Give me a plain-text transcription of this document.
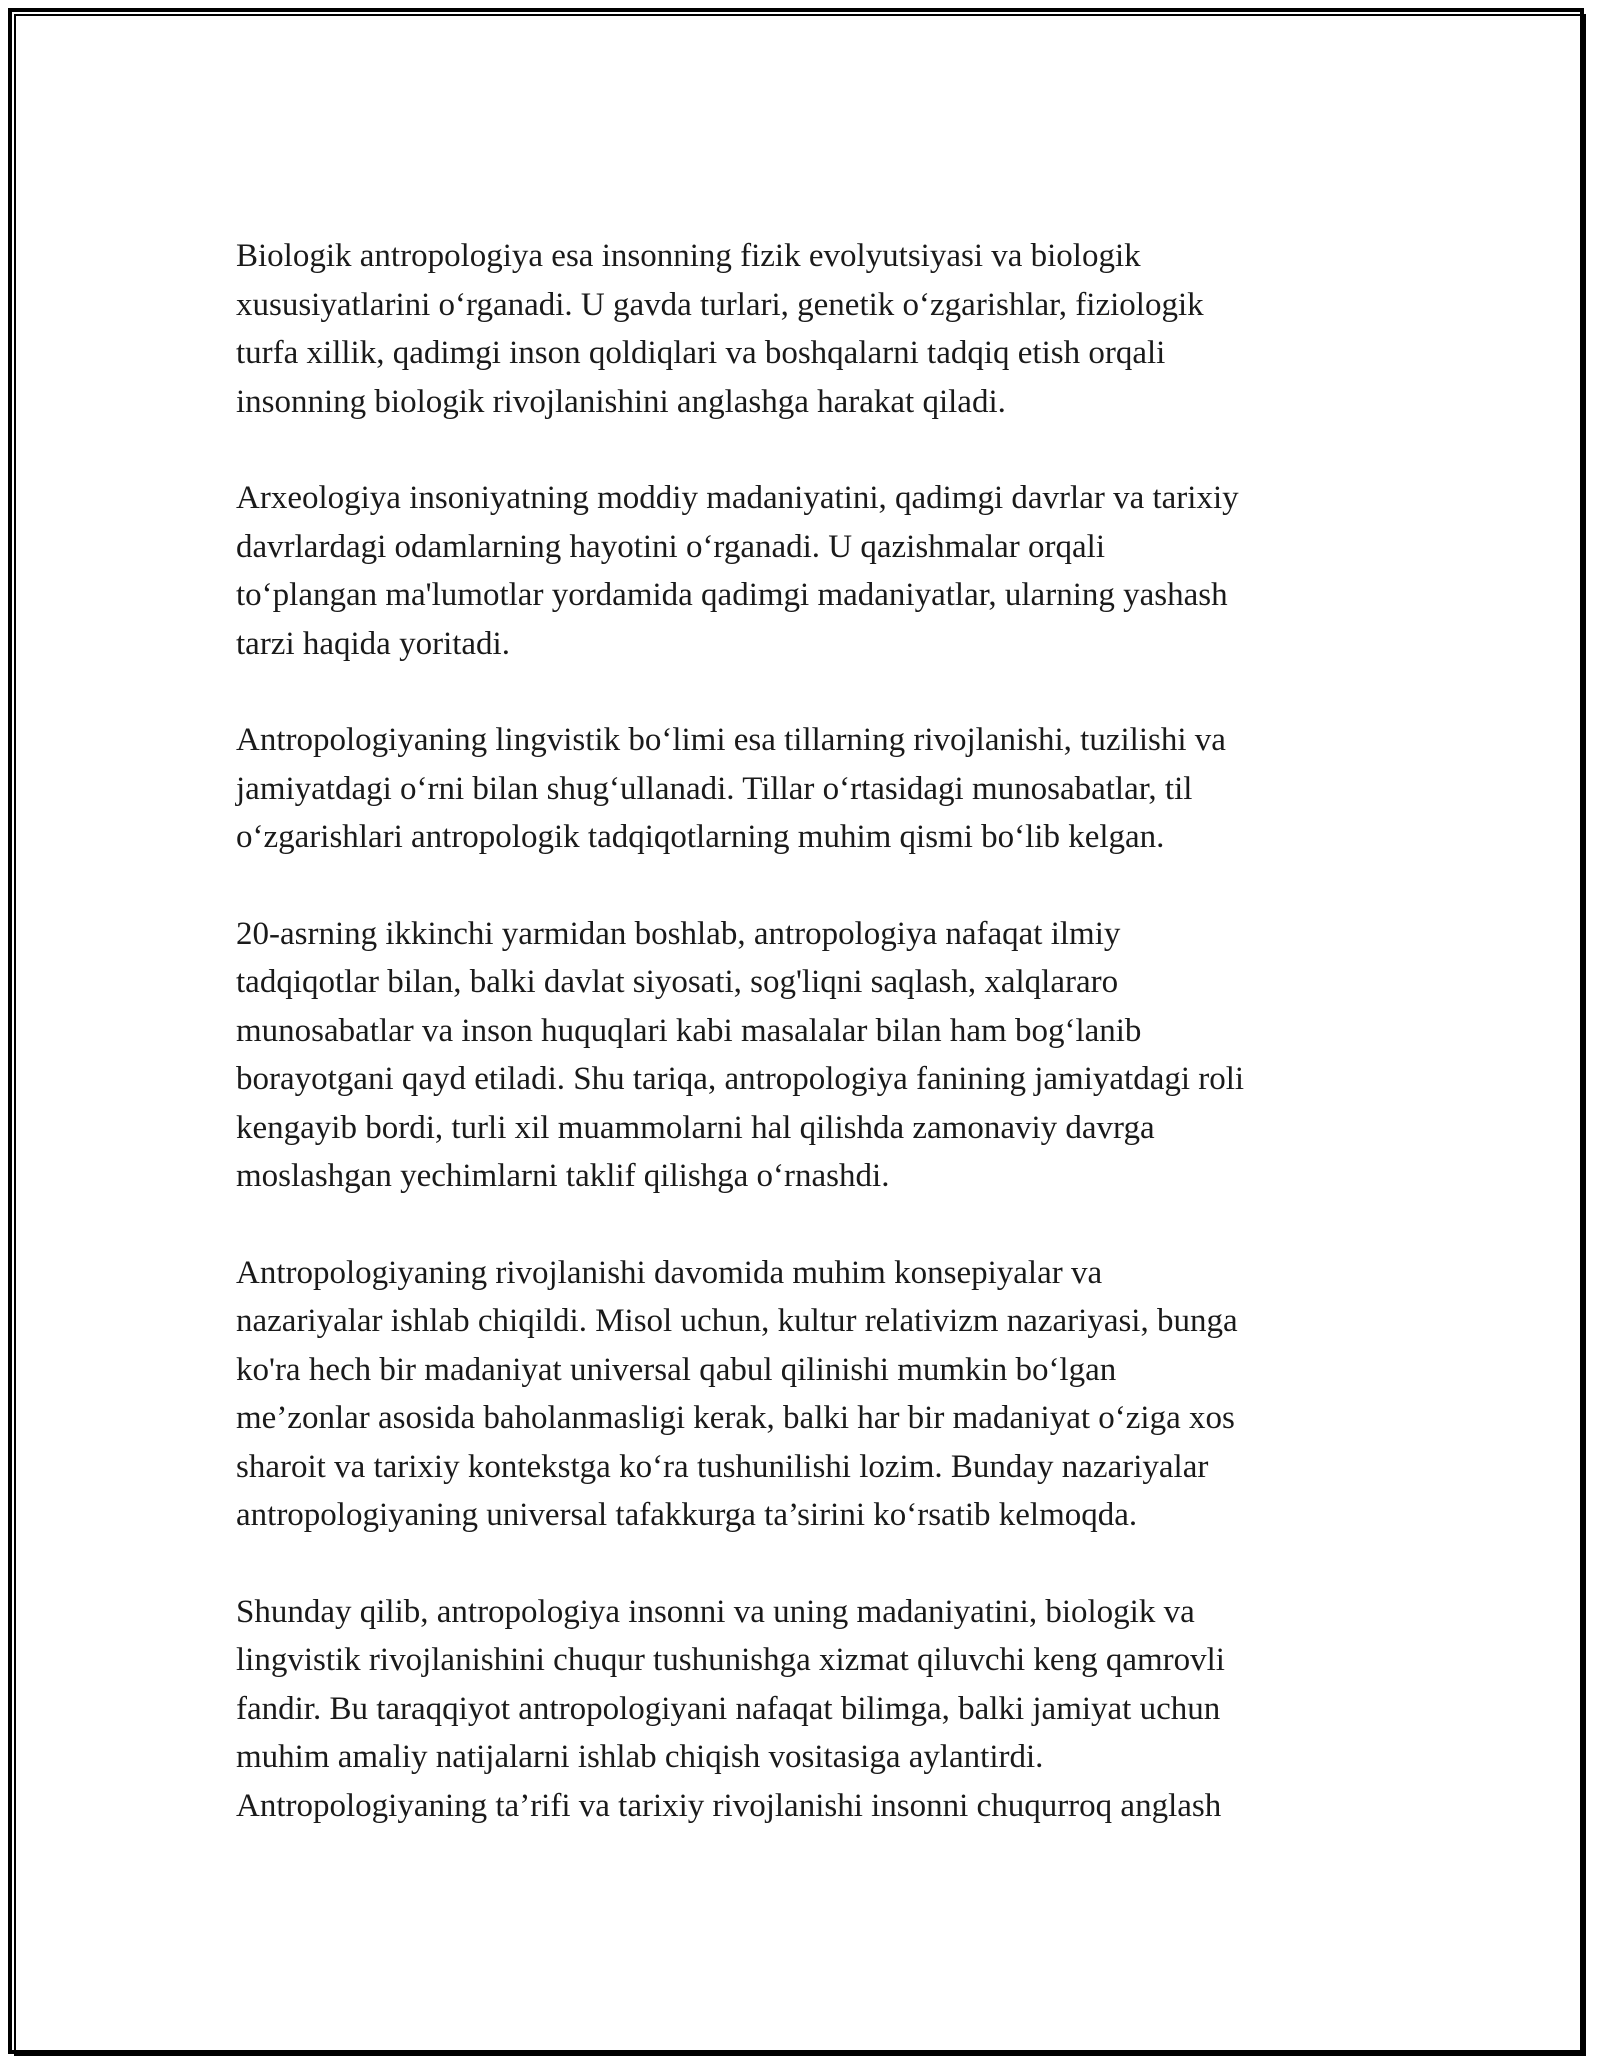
Biologik antropologiya esa insonning fizik evolyutsiyasi va biologik
xususiyatlarini o‘rganadi. U gavda turlari, genetik o‘zgarishlar, fiziologik
turfa xillik, qadimgi inson qoldiqlari va boshqalarni tadqiq etish orqali
insonning biologik rivojlanishini anglashga harakat qiladi.

Arxeologiya insoniyatning moddiy madaniyatini, qadimgi davrlar va tarixiy
davrlardagi odamlarning hayotini o‘rganadi. U qazishmalar orqali
to‘plangan ma'lumotlar yordamida qadimgi madaniyatlar, ularning yashash
tarzi haqida yoritadi.

Antropologiyaning lingvistik bo‘limi esa tillarning rivojlanishi, tuzilishi va
jamiyatdagi o‘rni bilan shug‘ullanadi. Tillar o‘rtasidagi munosabatlar, til
o‘zgarishlari antropologik tadqiqotlarning muhim qismi bo‘lib kelgan.

20-asrning ikkinchi yarmidan boshlab, antropologiya nafaqat ilmiy
tadqiqotlar bilan, balki davlat siyosati, sog'liqni saqlash, xalqlararo
munosabatlar va inson huquqlari kabi masalalar bilan ham bog‘lanib
borayotgani qayd etiladi. Shu tariqa, antropologiya fanining jamiyatdagi roli
kengayib bordi, turli xil muammolarni hal qilishda zamonaviy davrga
moslashgan yechimlarni taklif qilishga o‘rnashdi.

Antropologiyaning rivojlanishi davomida muhim konsepiyalar va
nazariyalar ishlab chiqildi. Misol uchun, kultur relativizm nazariyasi, bunga
ko'ra hech bir madaniyat universal qabul qilinishi mumkin bo‘lgan
me’zonlar asosida baholanmasligi kerak, balki har bir madaniyat o‘ziga xos
sharoit va tarixiy kontekstga ko‘ra tushunilishi lozim. Bunday nazariyalar
antropologiyaning universal tafakkurga ta’sirini ko‘rsatib kelmoqda.

Shunday qilib, antropologiya insonni va uning madaniyatini, biologik va
lingvistik rivojlanishini chuqur tushunishga xizmat qiluvchi keng qamrovli
fandir. Bu taraqqiyot antropologiyani nafaqat bilimga, balki jamiyat uchun
muhim amaliy natijalarni ishlab chiqish vositasiga aylantirdi.
Antropologiyaning ta’rifi va tarixiy rivojlanishi insonni chuqurroq anglash
